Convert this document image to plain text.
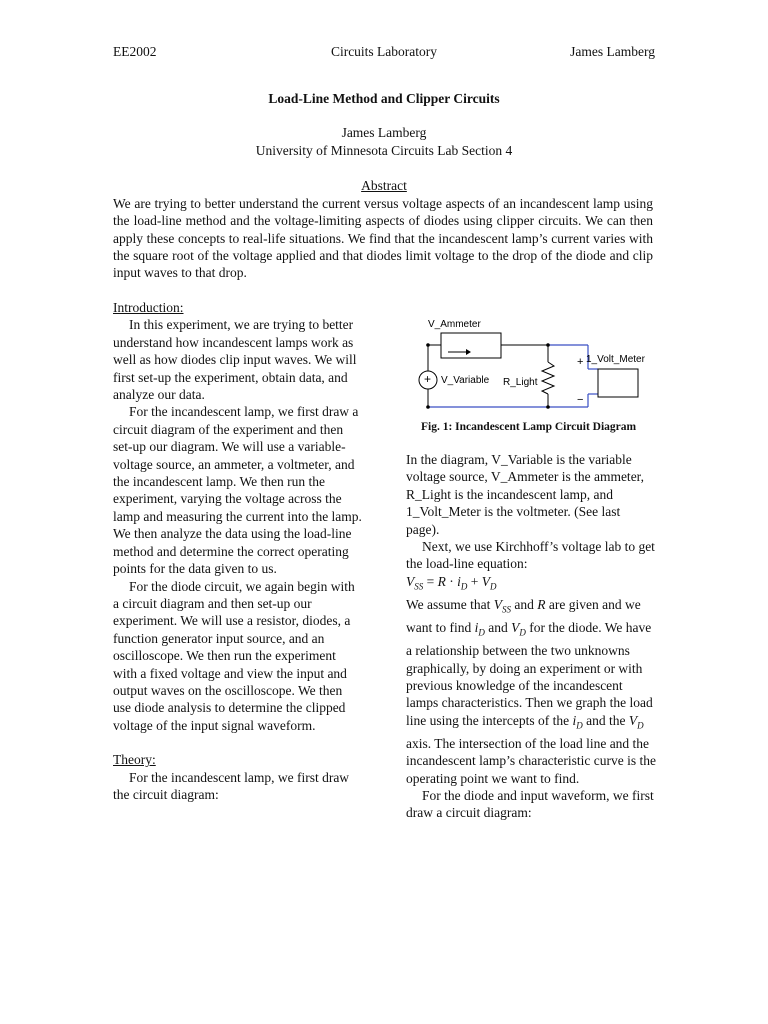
EE2002	Circuits Laboratory	James Lamberg
Load-Line Method and Clipper Circuits
James Lamberg
University of Minnesota Circuits Lab Section 4
Abstract
We are trying to better understand the current versus voltage aspects of an incandescent lamp using the load-line method and the voltage-limiting aspects of diodes using clipper circuits. We can then apply these concepts to real-life situations. We find that the incandescent lamp’s current varies with the square root of the voltage applied and that diodes limit voltage to the drop of the diode and clip input waves to that drop.

Introduction:

In this experiment, we are trying to better understand how incandescent lamps work as well as how diodes clip input waves. We will first set-up the experiment, obtain data, and analyze our data.

For the incandescent lamp, we first draw a circuit diagram of the experiment and then set-up our diagram. We will use a variable- voltage source, an ammeter, a voltmeter, and the incandescent lamp. We then run the experiment, varying the voltage across the lamp and measuring the current into the lamp. We then analyze the data using the load-line method and determine the correct operating points for the data given to us.

For the diode circuit, we again begin with a circuit diagram and then set-up our experiment. We will use a resistor, diodes, a function generator input source, and an oscilloscope. We then run the experiment with a fixed voltage and view the input and output waves on the oscilloscope. We then use diode analysis to determine the clipped voltage of the input signal waveform.

Theory:

For the incandescent lamp, we first draw the circuit diagram:

V_Ammeter
+ V_Variable R_Light
+ 1_Volt_Meter
−
Fig. 1: Incandescent Lamp Circuit Diagram

In the diagram, V_Variable is the variable voltage source, V_Ammeter is the ammeter, R_Light is the incandescent lamp, and 1_Volt_Meter is the voltmeter. (See last page).

Next, we use Kirchhoff’s voltage lab to get the load-line equation:

$V_{SS} = R \cdot i_D + V_D$

We assume that $V_{SS}$ and R are given and we want to find $i_D$ and $V_D$ for the diode. We have a relationship between the two unknowns graphically, by doing an experiment or with previous knowledge of the incandescent lamps characteristics. Then we graph the load line using the intercepts of the $i_D$ and the $V_D$ axis. The intersection of the load line and the incandescent lamp’s characteristic curve is the operating point we want to find.

For the diode and input waveform, we first draw a circuit diagram:
